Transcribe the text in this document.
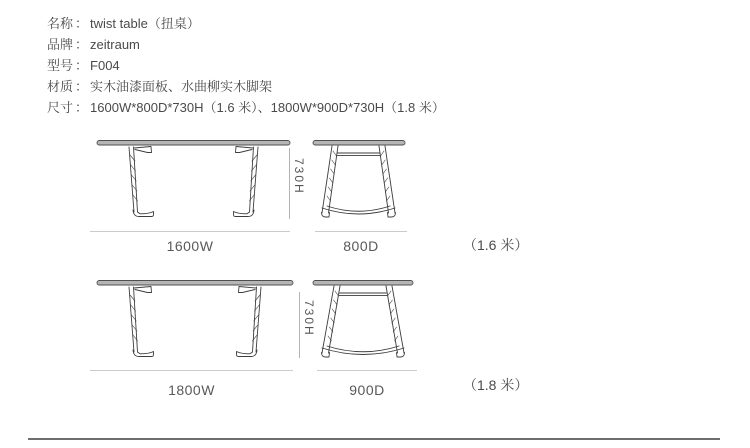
名称 ： twist table（扭桌）
品牌 ： zeitraum
型号 ： F004
材质 ： 实木油漆面板、水曲柳实木脚架
尺寸 ： 1600W*800D*730H（1.6 米）、1800W*900D*730H（1.8 米）
730H
1600W	800D	（1.6 米）
730H
1800W	900D	（1.8 米）
